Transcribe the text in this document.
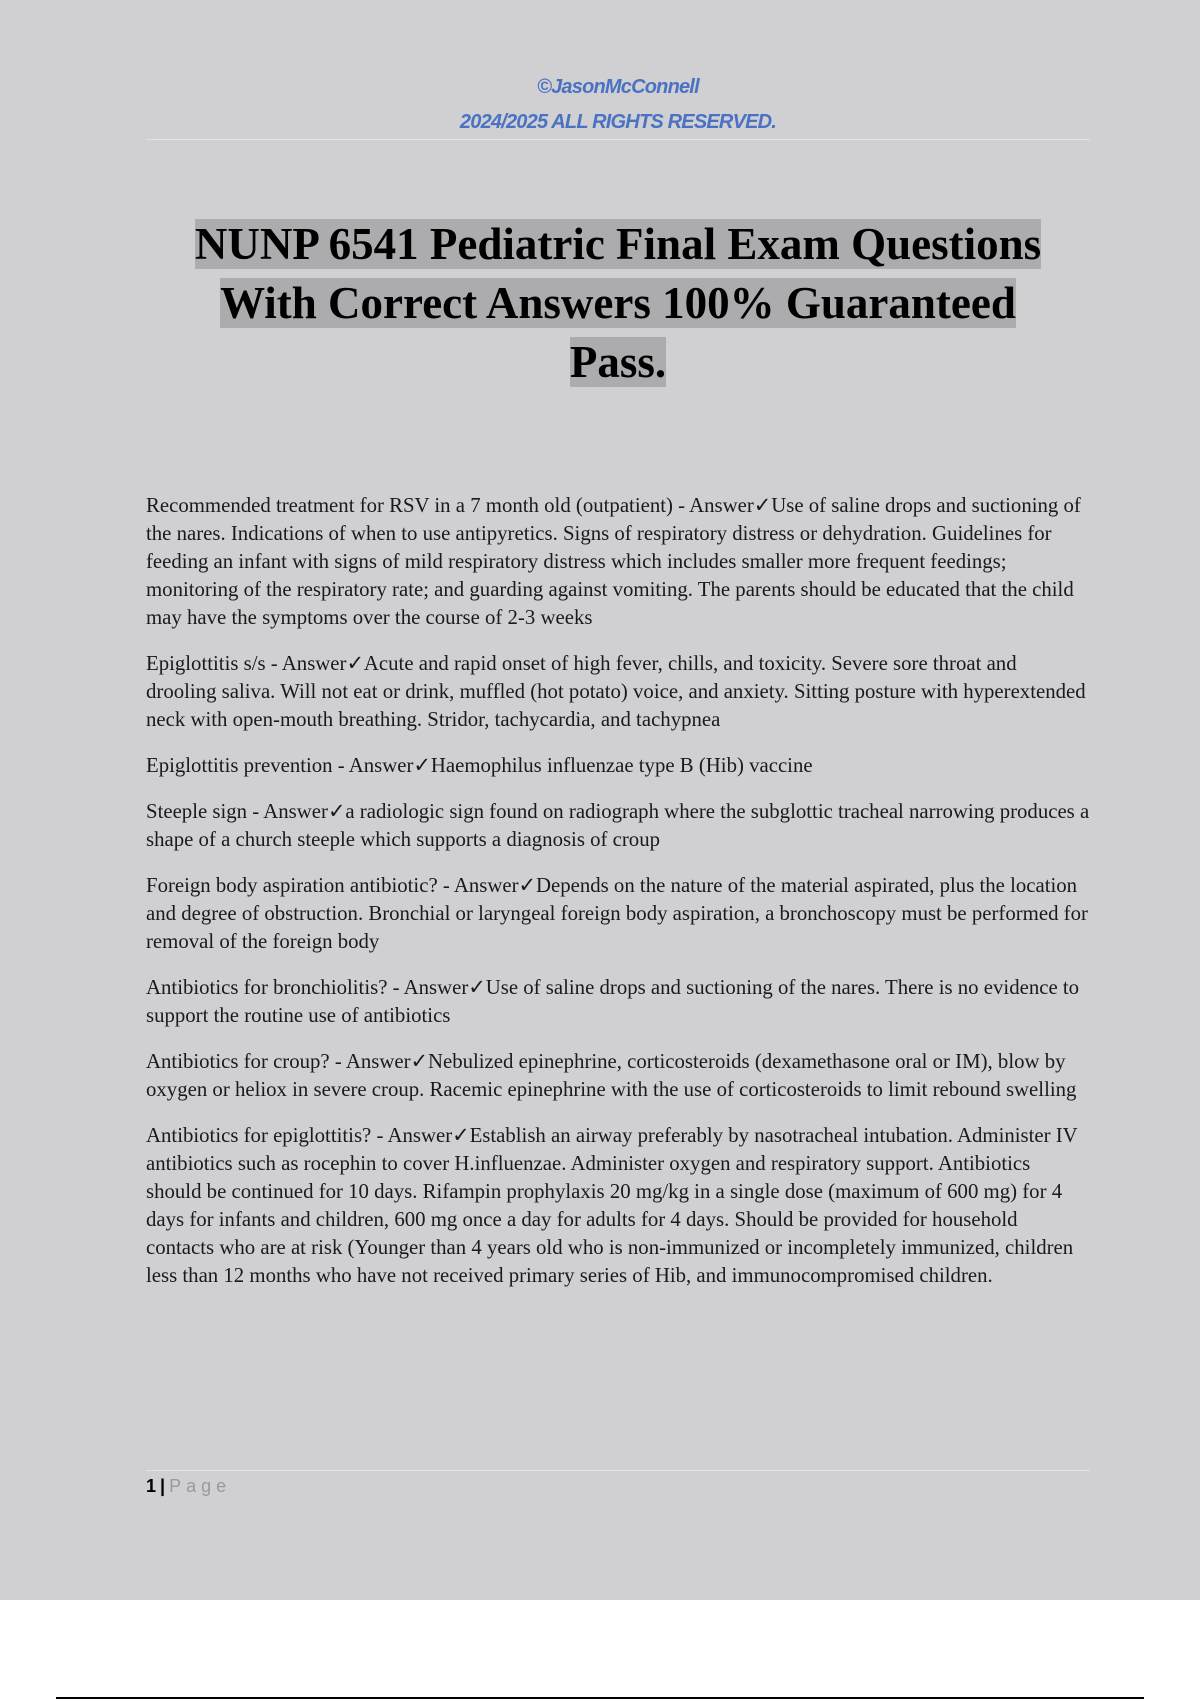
©JasonMcConnell
2024/2025 ALL RIGHTS RESERVED.
NUNP 6541 Pediatric Final Exam Questions
With Correct Answers 100% Guaranteed
Pass.

Recommended treatment for RSV in a 7 month old (outpatient) - Answer✓Use of saline drops and suctioning of the nares. Indications of when to use antipyretics. Signs of respiratory distress or dehydration. Guidelines for feeding an infant with signs of mild respiratory distress which includes smaller more frequent feedings; monitoring of the respiratory rate; and guarding against vomiting. The parents should be educated that the child may have the symptoms over the course of 2-3 weeks

Epiglottitis s/s - Answer✓Acute and rapid onset of high fever, chills, and toxicity. Severe sore throat and drooling saliva. Will not eat or drink, muffled (hot potato) voice, and anxiety. Sitting posture with hyperextended neck with open-mouth breathing. Stridor, tachycardia, and tachypnea

Epiglottitis prevention - Answer✓Haemophilus influenzae type B (Hib) vaccine

Steeple sign - Answer✓a radiologic sign found on radiograph where the subglottic tracheal narrowing produces a shape of a church steeple which supports a diagnosis of croup

Foreign body aspiration antibiotic? - Answer✓Depends on the nature of the material aspirated, plus the location and degree of obstruction. Bronchial or laryngeal foreign body aspiration, a bronchoscopy must be performed for removal of the foreign body

Antibiotics for bronchiolitis? - Answer✓Use of saline drops and suctioning of the nares. There is no evidence to support the routine use of antibiotics

Antibiotics for croup? - Answer✓Nebulized epinephrine, corticosteroids (dexamethasone oral or IM), blow by oxygen or heliox in severe croup. Racemic epinephrine with the use of corticosteroids to limit rebound swelling

Antibiotics for epiglottitis? - Answer✓Establish an airway preferably by nasotracheal intubation. Administer IV antibiotics such as rocephin to cover H.influenzae. Administer oxygen and respiratory support. Antibiotics should be continued for 10 days. Rifampin prophylaxis 20 mg/kg in a single dose (maximum of 600 mg) for 4 days for infants and children, 600 mg once a day for adults for 4 days. Should be provided for household contacts who are at risk (Younger than 4 years old who is non-immunized or incompletely immunized, children less than 12 months who have not received primary series of Hib, and immunocompromised children.

1 | Page
